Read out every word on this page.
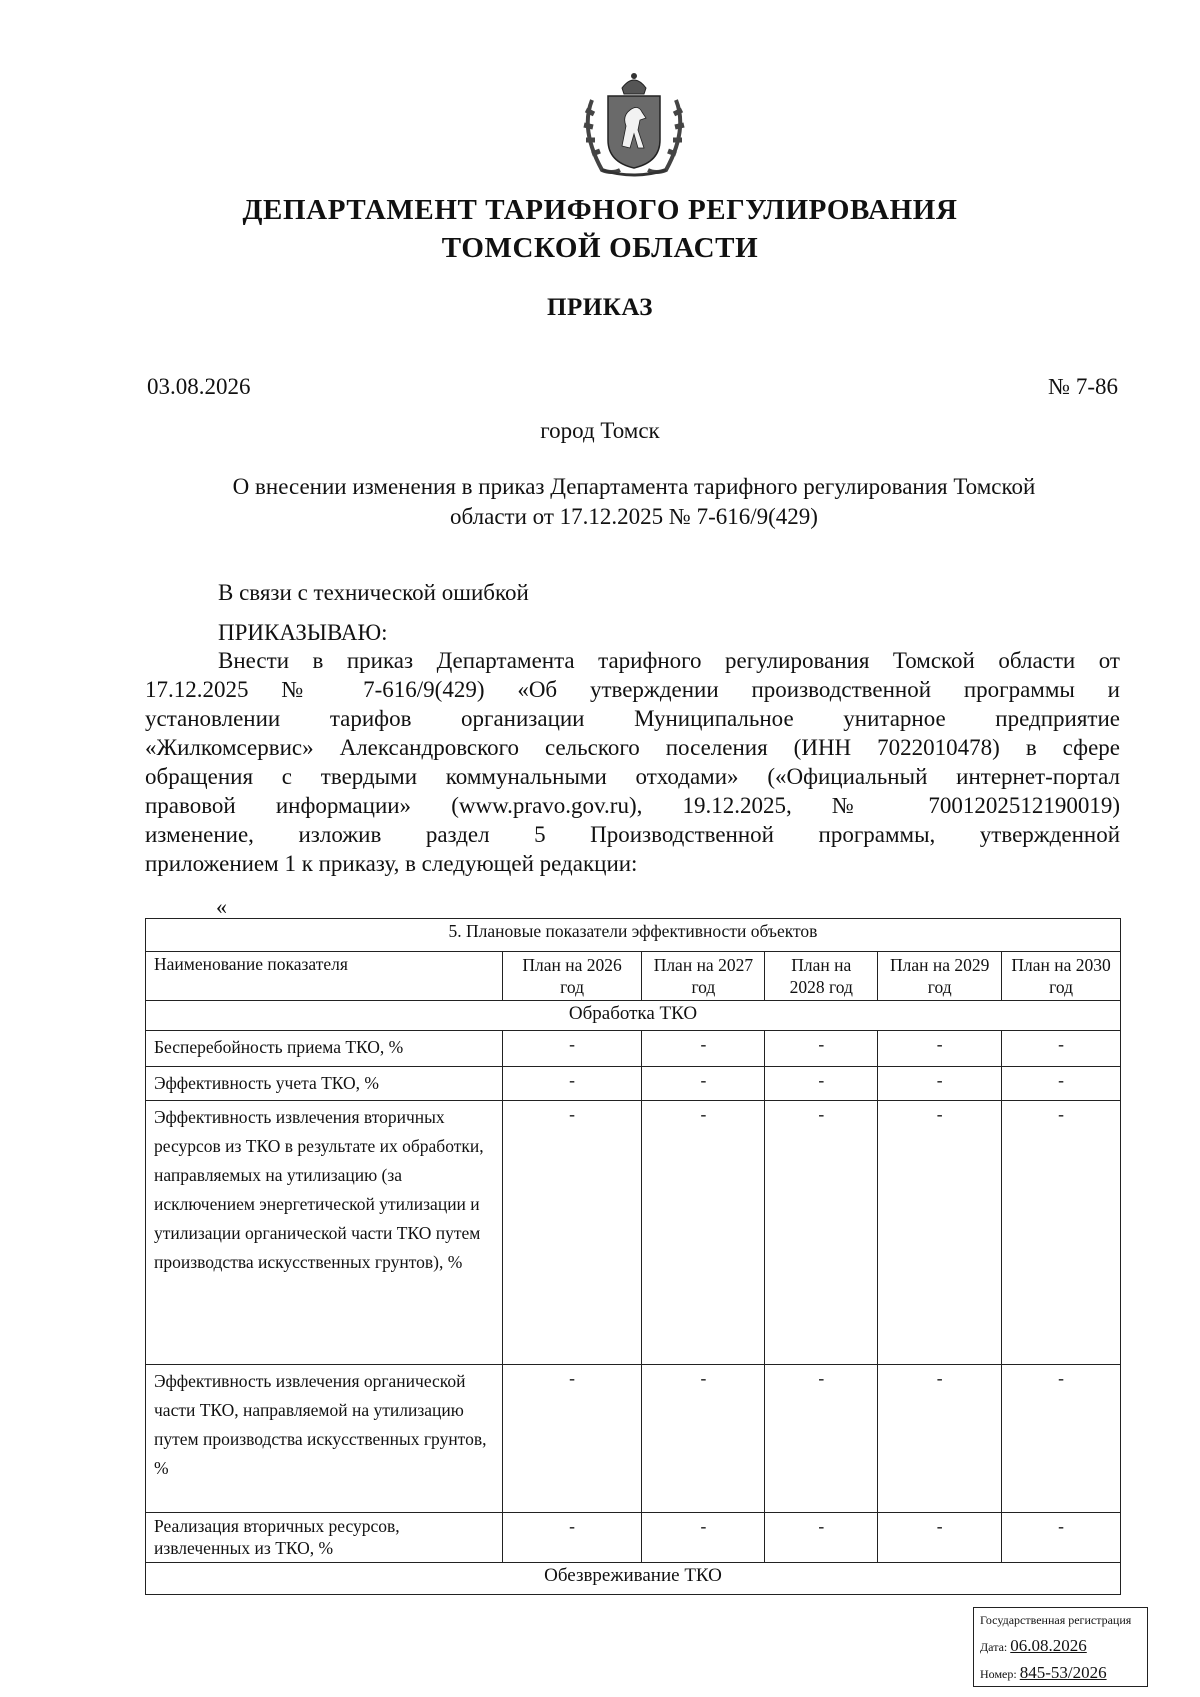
ДЕПАРТАМЕНТ ТАРИФНОГО РЕГУЛИРОВАНИЯ
ТОМСКОЙ ОБЛАСТИ
ПРИКАЗ
03.08.2026	№ 7-86
город Томск
О внесении изменения в приказ Департамента тарифного регулирования Томской
области от 17.12.2025 № 7-616/9(429)
В связи с технической ошибкой
ПРИКАЗЫВАЮ:
Внести в приказ Департамента тарифного регулирования Томской области от
17.12.2025 № 7-616/9(429) «Об утверждении производственной программы и
установлении тарифов организации Муниципальное унитарное предприятие
«Жилкомсервис» Александровского сельского поселения (ИНН 7022010478) в сфере
обращения с твердыми коммунальными отходами» («Официальный интернет-портал
правовой информации» (www.pravo.gov.ru), 19.12.2025, № 7001202512190019)
изменение, изложив раздел 5 Производственной программы, утвержденной
приложением 1 к приказу, в следующей редакции:
«
5. Плановые показатели эффективности объектов					
Наименование показателя	План на 2026 год	План на 2027 год	План на 2028 год	План на 2029 год	План на 2030 год
Обработка ТКО					
Бесперебойность приема ТКО, %	-	-	-	-	-
Эффективность учета ТКО, %	-	-	-	-	-
Эффективность извлечения вторичных ресурсов из ТКО в результате их обработки, направляемых на утилизацию (за исключением энергетической утилизации и утилизации органической части ТКО путем производства искусственных грунтов), %	-	-	-	-	-
Эффективность извлечения органической части ТКО, направляемой на утилизацию путем производства искусственных грунтов, %	-	-	-	-	-
Реализация вторичных ресурсов, извлеченных из ТКО, %	-	-	-	-	-
Обезвреживание ТКО					
Государственная регистрация
Дата: 06.08.2026
Номер: 845-53/2026
